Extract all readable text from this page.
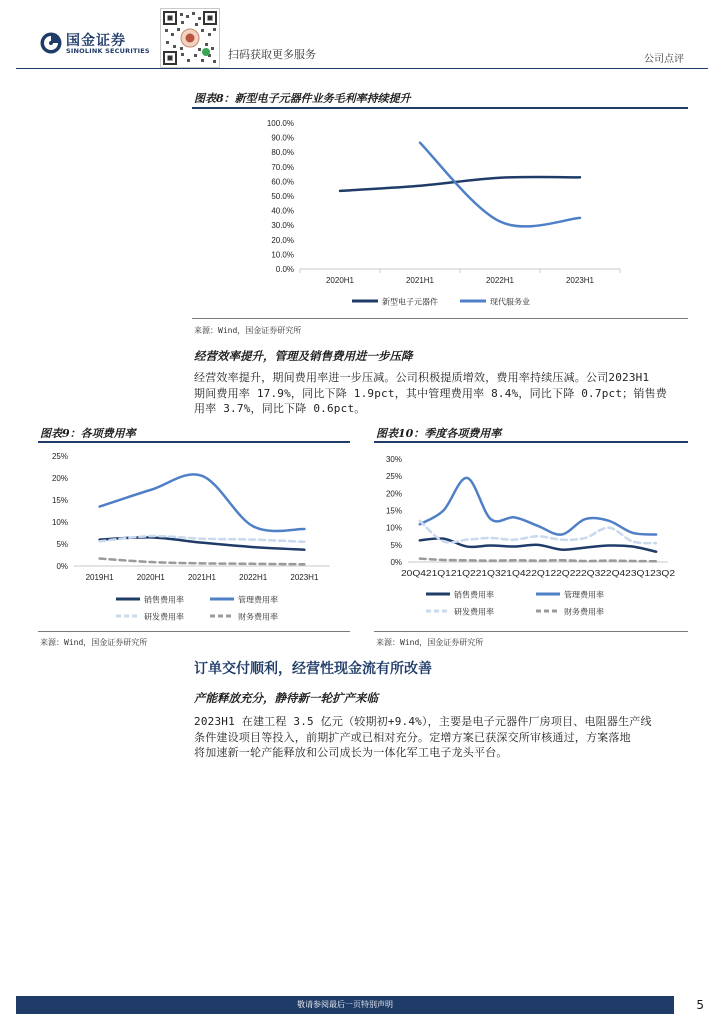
国金证券
SINOLINK SECURITIES	扫码获取更多服务	公司点评
图表8：新型电子元器件业务毛利率持续提升
0.0%
10.0%
20.0%
30.0%
40.0%
50.0%
60.0%
70.0%
80.0%
90.0%
100.0%
2020H1	2021H1	2022H1	2023H1
新型电子元器件	现代服务业
来源：Wind，国金证券研究所
经营效率提升，管理及销售费用进一步压降
经营效率提升，期间费用率进一步压减。公司积极提质增效，费用率持续压减。公司2023H1
期间费用率 17.9%，同比下降 1.9pct，其中管理费用率 8.4%，同比下降 0.7pct；销售费
用率 3.7%，同比下降 0.6pct。
图表9：各项费用率
0%
5%
10%
15%
20%
25%
2019H1	2020H1	2021H1	2022H1	2023H1
销售费用率	管理费用率
研发费用率	财务费用率
来源：Wind，国金证券研究所
图表10：季度各项费用率
0%
5%
10%
15%
20%
25%
30%
20Q421Q121Q221Q321Q422Q122Q222Q322Q423Q123Q2
销售费用率	管理费用率
研发费用率	财务费用率
来源：Wind，国金证券研究所
订单交付顺利，经营性现金流有所改善
产能释放充分，静待新一轮扩产来临
2023H1 在建工程 3.5 亿元（较期初+9.4%），主要是电子元器件厂房项目、电阻器生产线
条件建设项目等投入，前期扩产或已相对充分。定增方案已获深交所审核通过，方案落地
将加速新一轮产能释放和公司成长为一体化军工电子龙头平台。
敬请参阅最后一页特别声明	5
